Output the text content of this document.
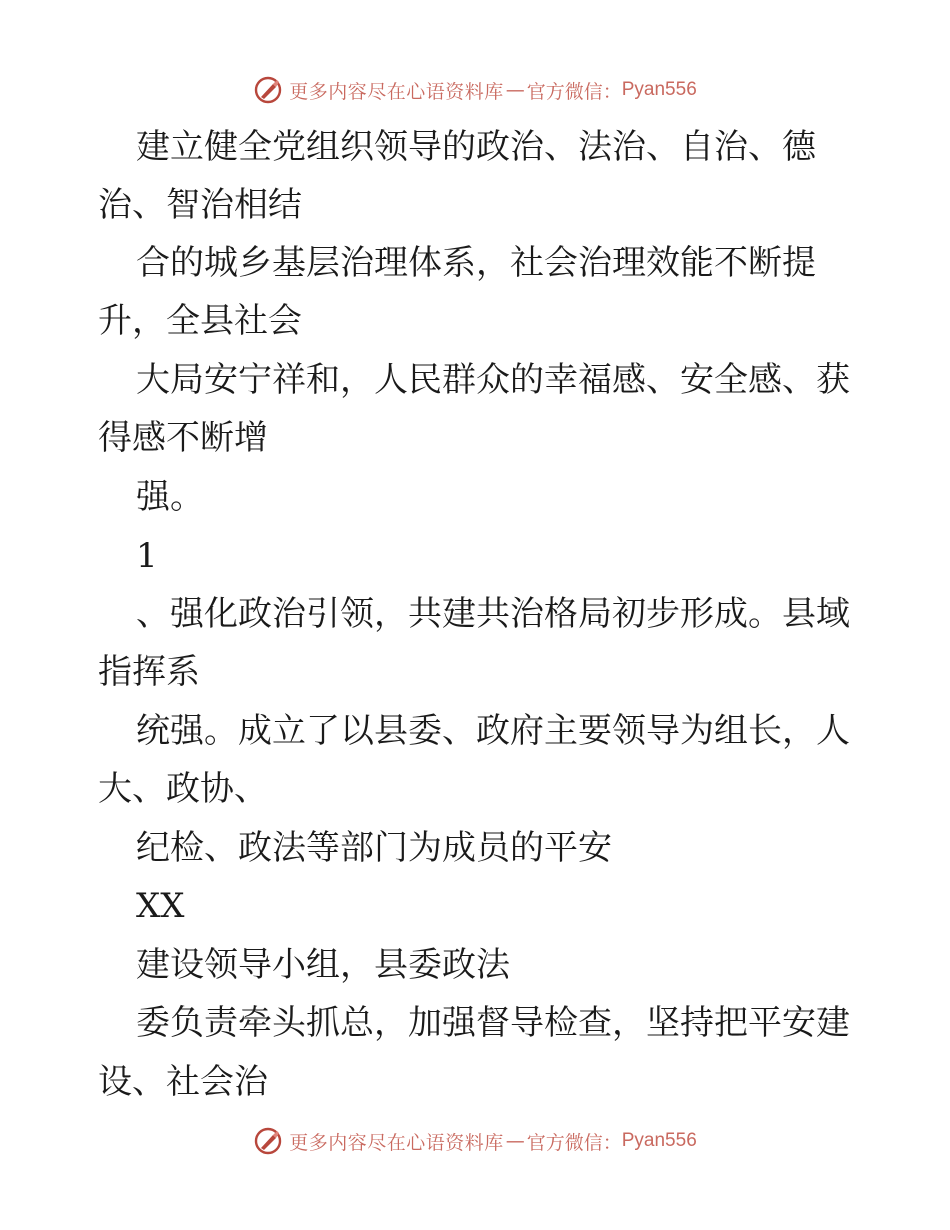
更多内容尽在心语资料库 — 官方微信： Pyan556
建立健全党组织领导的政治、法治、自治、德
治、智治相结
合的城乡基层治理体系，社会治理效能不断提
升，全县社会
大局安宁祥和，人民群众的幸福感、安全感、获
得感不断增
强。
1
、强化政治引领，共建共治格局初步形成。县域
指挥系
统强。成立了以县委、政府主要领导为组长，人
大、政协、
纪检、政法等部门为成员的平安
XX
建设领导小组，县委政法
委负责牵头抓总，加强督导检查，坚持把平安建
设、社会治
更多内容尽在心语资料库 — 官方微信： Pyan556
